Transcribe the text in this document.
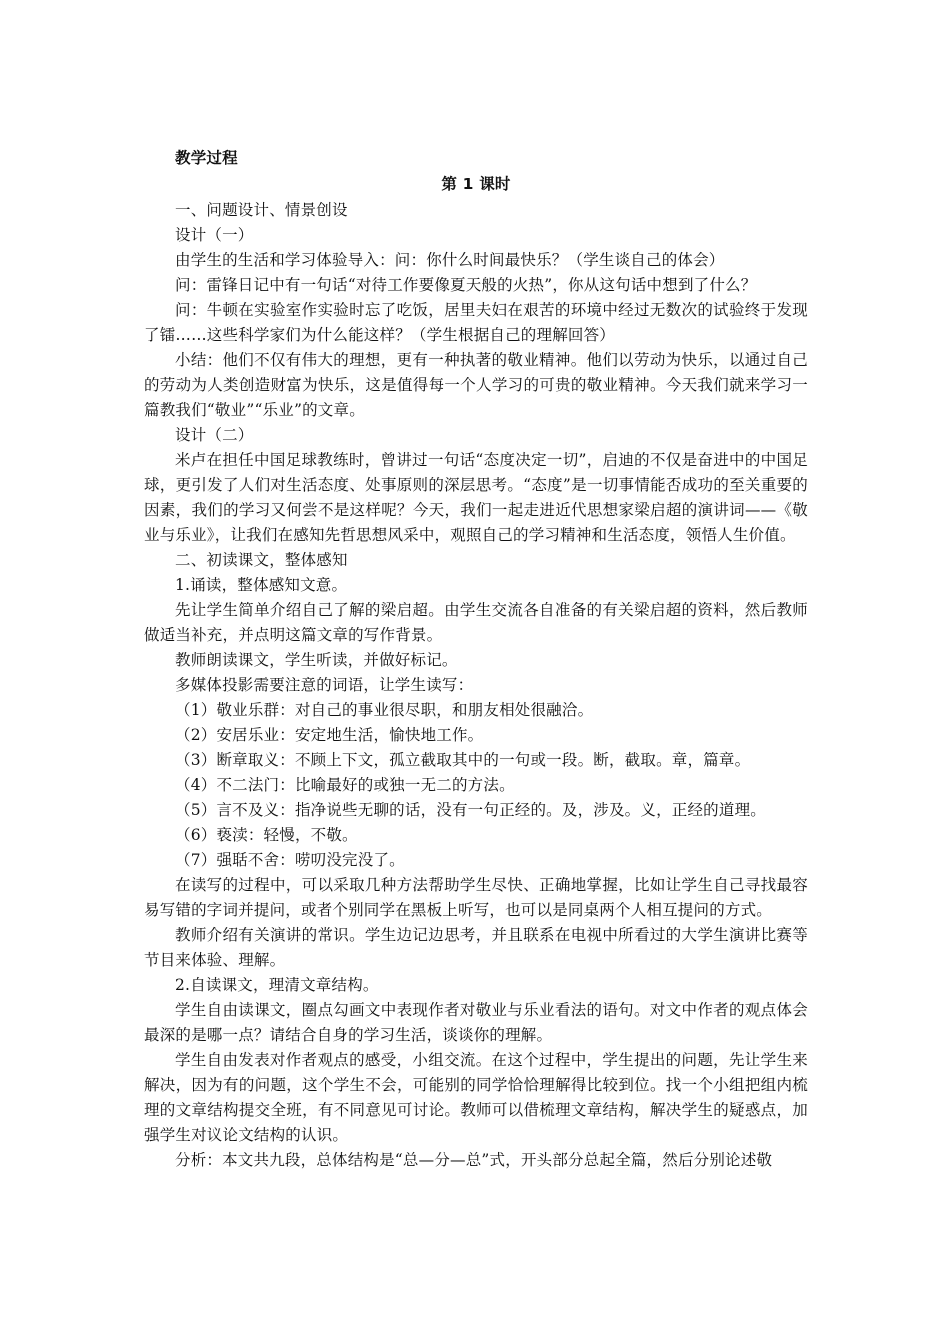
教学过程

第 1 课时

一、问题设计、情景创设

设计（一）

由学生的生活和学习体验导入：问：你什么时间最快乐？（学生谈自己的体会）

问：雷锋日记中有一句话“对待工作要像夏天般的火热”，你从这句话中想到了什么？

问：牛顿在实验室作实验时忘了吃饭，居里夫妇在艰苦的环境中经过无数次的试验终于发现了镭……这些科学家们为什么能这样？（学生根据自己的理解回答）

小结：他们不仅有伟大的理想，更有一种执著的敬业精神。他们以劳动为快乐，以通过自己的劳动为人类创造财富为快乐，这是值得每一个人学习的可贵的敬业精神。今天我们就来学习一篇教我们“敬业”“乐业”的文章。

设计（二）

米卢在担任中国足球教练时，曾讲过一句话“态度决定一切”，启迪的不仅是奋进中的中国足球，更引发了人们对生活态度、处事原则的深层思考。“态度”是一切事情能否成功的至关重要的因素，我们的学习又何尝不是这样呢？今天，我们一起走进近代思想家梁启超的演讲词——《敬业与乐业》，让我们在感知先哲思想风采中，观照自己的学习精神和生活态度，领悟人生价值。

二、初读课文，整体感知

1.诵读，整体感知文意。

先让学生简单介绍自己了解的梁启超。由学生交流各自准备的有关梁启超的资料，然后教师做适当补充，并点明这篇文章的写作背景。

教师朗读课文，学生听读，并做好标记。

多媒体投影需要注意的词语，让学生读写：

（1）敬业乐群：对自己的事业很尽职，和朋友相处很融洽。

（2）安居乐业：安定地生活，愉快地工作。

（3）断章取义：不顾上下文，孤立截取其中的一句或一段。断，截取。章，篇章。

（4）不二法门：比喻最好的或独一无二的方法。

（5）言不及义：指净说些无聊的话，没有一句正经的。及，涉及。义，正经的道理。

（6）亵渎：轻慢，不敬。

（7）强聒不舍：唠叨没完没了。

在读写的过程中，可以采取几种方法帮助学生尽快、正确地掌握，比如让学生自己寻找最容易写错的字词并提问，或者个别同学在黑板上听写，也可以是同桌两个人相互提问的方式。

教师介绍有关演讲的常识。学生边记边思考，并且联系在电视中所看过的大学生演讲比赛等节目来体验、理解。

2.自读课文，理清文章结构。

学生自由读课文，圈点勾画文中表现作者对敬业与乐业看法的语句。对文中作者的观点体会最深的是哪一点？请结合自身的学习生活，谈谈你的理解。

学生自由发表对作者观点的感受，小组交流。在这个过程中，学生提出的问题，先让学生来解决，因为有的问题，这个学生不会，可能别的同学恰恰理解得比较到位。找一个小组把组内梳理的文章结构提交全班，有不同意见可讨论。教师可以借梳理文章结构，解决学生的疑惑点，加强学生对议论文结构的认识。

分析：本文共九段，总体结构是“总—分—总”式，开头部分总起全篇，然后分别论述敬
